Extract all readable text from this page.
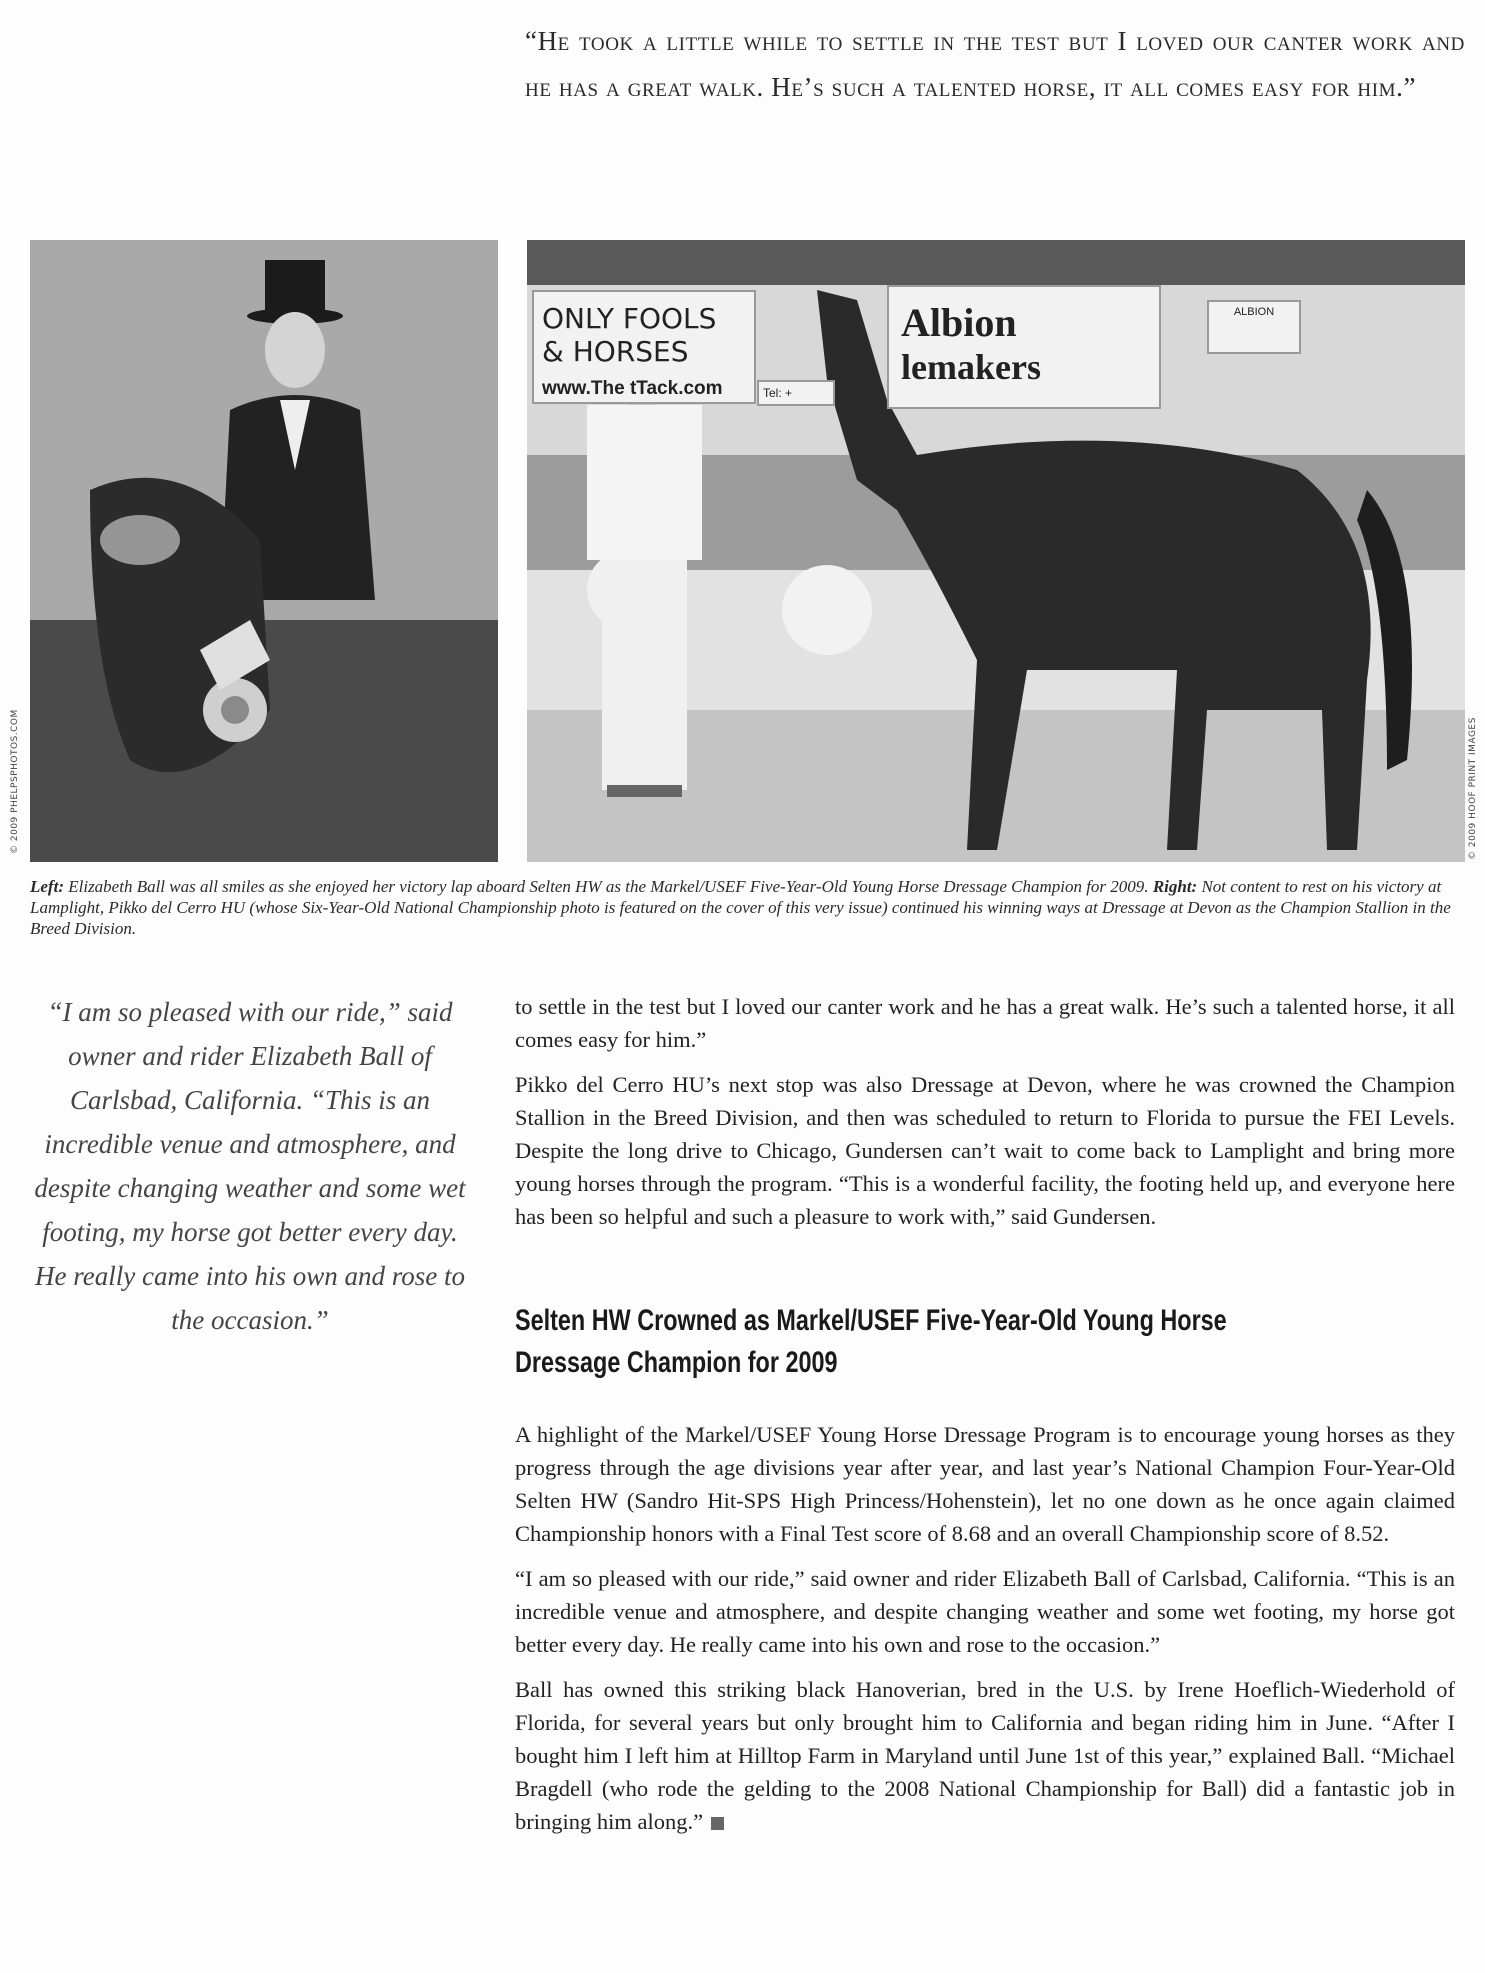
“He took a little while to settle in the test but I loved our canter work and he has a great walk. He’s such a talented horse, it all comes easy for him.”
© 2009 PHELPSPHOTOS.COM
ONLY FOOLS & HORSES
www.The tTack.com	Tel: +
Albion
lemakers
ALBION
© 2009 HOOF PRINT IMAGES
Left: Elizabeth Ball was all smiles as she enjoyed her victory lap aboard Selten HW as the Markel/USEF Five-Year-Old Young Horse Dressage Champion for 2009. Right: Not content to rest on his victory at Lamplight, Pikko del Cerro HU (whose Six-Year-Old National Championship photo is featured on the cover of this very issue) continued his winning ways at Dressage at Devon as the Champion Stallion in the Breed Division.
“I am so pleased with our ride,” said owner and rider Elizabeth Ball of Carlsbad, California. “This is an incredible venue and atmosphere, and despite changing weather and some wet footing, my horse got better every day. He really came into his own and rose to the occasion.”

to settle in the test but I loved our canter work and he has a great walk. He’s such a talented horse, it all comes easy for him.”

Pikko del Cerro HU’s next stop was also Dressage at Devon, where he was crowned the Champion Stallion in the Breed Division, and then was scheduled to return to Florida to pursue the FEI Levels. Despite the long drive to Chicago, Gundersen can’t wait to come back to Lamplight and bring more young horses through the program. “This is a wonderful facility, the footing held up, and everyone here has been so helpful and such a pleasure to work with,” said Gundersen.

Selten HW Crowned as Markel/USEF Five-Year-Old Young Horse
Dressage Champion for 2009

A highlight of the Markel/USEF Young Horse Dressage Program is to encourage young horses as they progress through the age divisions year after year, and last year’s National Champion Four-Year-Old Selten HW (Sandro Hit-SPS High Princess/Hohenstein), let no one down as he once again claimed Championship honors with a Final Test score of 8.68 and an overall Championship score of 8.52.

“I am so pleased with our ride,” said owner and rider Elizabeth Ball of Carlsbad, California. “This is an incredible venue and atmosphere, and despite changing weather and some wet footing, my horse got better every day. He really came into his own and rose to the occasion.”

Ball has owned this striking black Hanoverian, bred in the U.S. by Irene Hoeflich-Wiederhold of Florida, for several years but only brought him to California and began riding him in June. “After I bought him I left him at Hilltop Farm in Maryland until June 1st of this year,” explained Ball. “Michael Bragdell (who rode the gelding to the 2008 National Championship for Ball) did a fantastic job in bringing him along.”
